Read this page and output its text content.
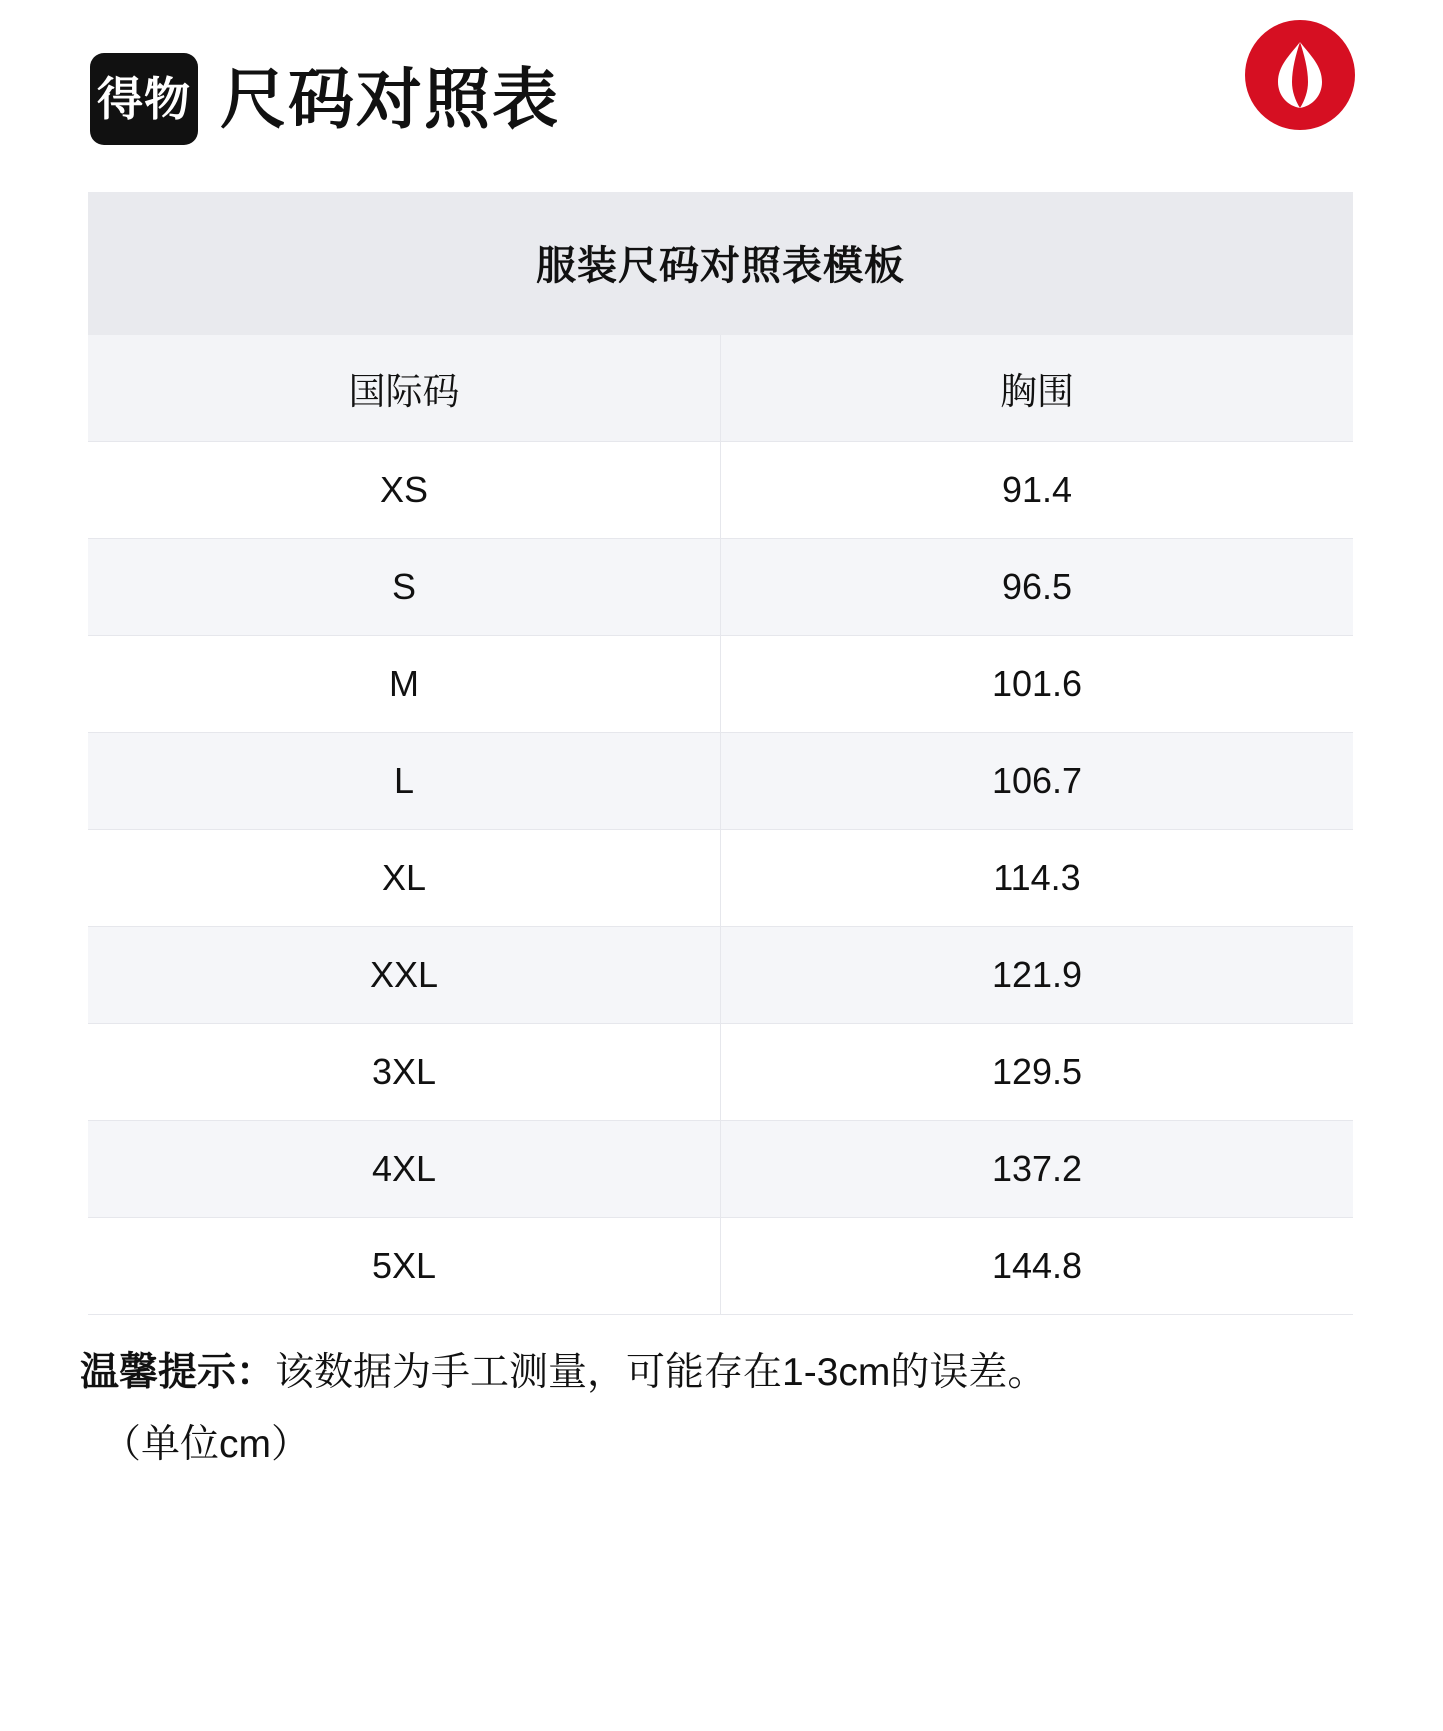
得物 尺码对照表
服装尺码对照表模板
国际码	胸围
XS	91.4
S	96.5
M	101.6
L	106.7
XL	114.3
XXL	121.9
3XL	129.5
4XL	137.2
5XL	144.8
温馨提示：该数据为手工测量，可能存在1-3cm的误差。
（单位cm）
